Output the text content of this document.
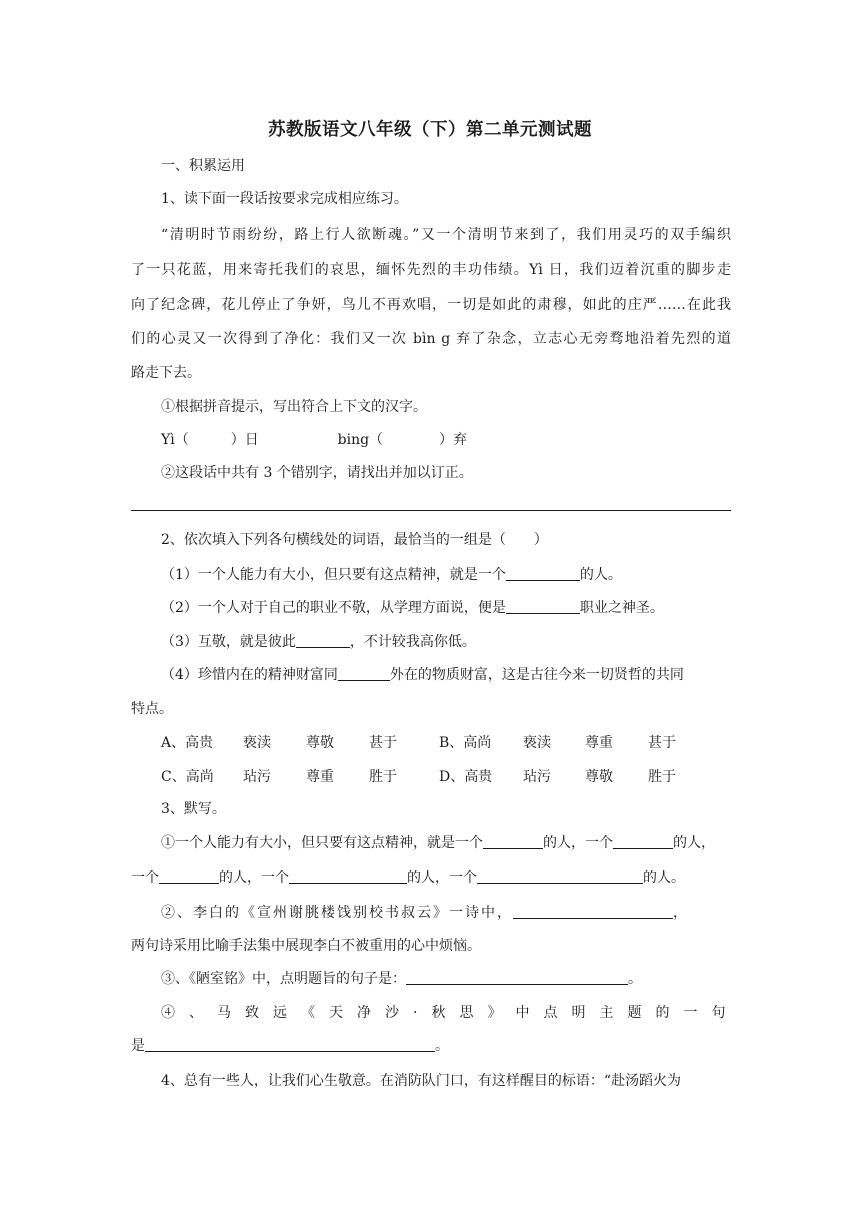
苏教版语文八年级（下）第二单元测试题
一、积累运用
1、读下面一段话按要求完成相应练习。
“清明时节雨纷纷，路上行人欲断魂。”又一个清明节来到了，我们用灵巧的双手编织
了一只花蓝，用来寄托我们的哀思，缅怀先烈的丰功伟绩。Yì 日，我们迈着沉重的脚步走
向了纪念碑，花儿停止了争妍，鸟儿不再欢唱，一切是如此的肃穆，如此的庄严……在此我
们的心灵又一次得到了净化：我们又一次 bìn g 弃了杂念，立志心无旁骛地沿着先烈的道
路走下去。
①根据拼音提示，写出符合上下文的汉字。
Yì（　　　）日	bing（　　　　）弃
②这段话中共有 3 个错别字，请找出并加以订正。
2、依次填入下列各句横线处的词语，最恰当的一组是（　　）
（1）一个人能力有大小，但只要有这点精神，就是一个	的人。
（2）一个人对于自己的职业不敬，从学理方面说，便是	职业之神圣。
（3）互敬，就是彼此	，不计较我高你低。
（4）珍惜内在的精神财富同	外在的物质财富，这是古往今来一切贤哲的共同
特点。
A、高贵 亵渎	尊敬	甚于	B、高尚 亵渎 尊重	甚于
C、高尚 玷污	尊重	胜于	D、高贵 玷污 尊敬	胜于
3、默写。
①一个人能力有大小，但只要有这点精神，就是一个	的人，一个	的人，
一个	的人，一个	的人，一个	的人。
②、李白的《宣州谢朓楼饯别校书叔云》一诗中，	，
两句诗采用比喻手法集中展现李白不被重用的心中烦恼。
③、《陋室铭》中，点明题旨的句子是：	。
④、马致远《天净沙·秋思》中点明主题的一句
是	。
4、总有一些人，让我们心生敬意。在消防队门口，有这样醒目的标语：“赴汤蹈火为
